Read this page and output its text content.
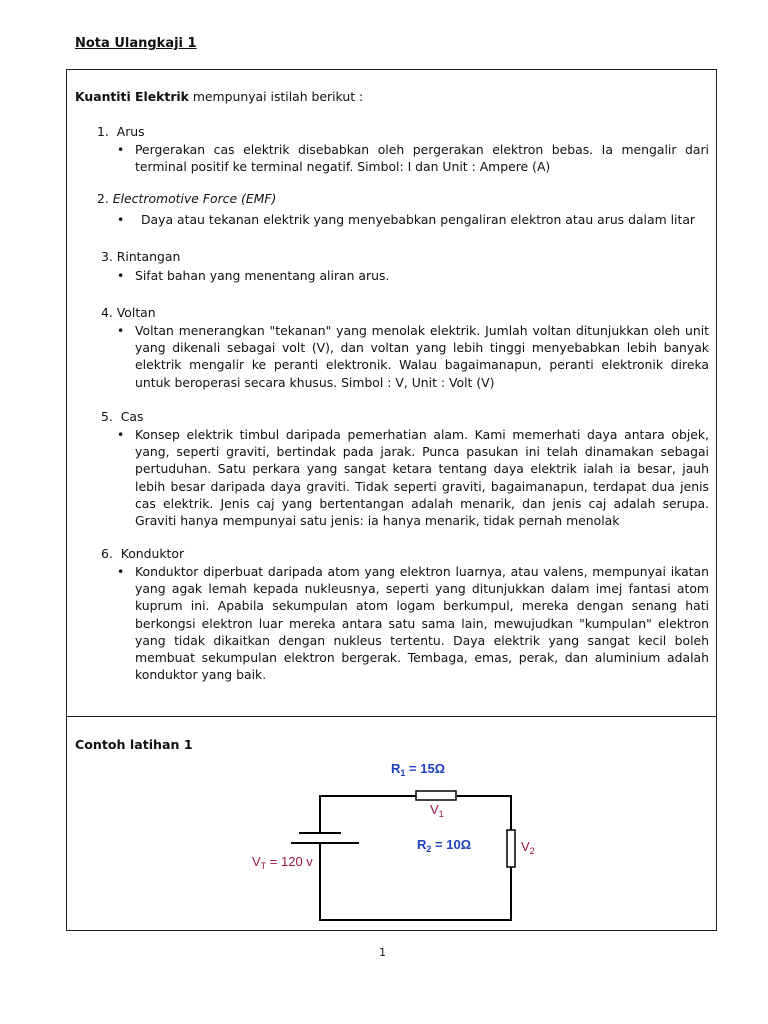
Nota Ulangkaji 1
Kuantiti Elektrik mempunyai istilah berikut :
1. Arus
• Pergerakan cas elektrik disebabkan oleh pergerakan elektron bebas. Ia mengalir dari terminal positif ke terminal negatif. Simbol: I dan Unit : Ampere (A)
2. Electromotive Force (EMF)
• Daya atau tekanan elektrik yang menyebabkan pengaliran elektron atau arus dalam litar
3. Rintangan
• Sifat bahan yang menentang aliran arus.
4. Voltan
• Voltan menerangkan "tekanan" yang menolak elektrik. Jumlah voltan ditunjukkan oleh unit yang dikenali sebagai volt (V), dan voltan yang lebih tinggi menyebabkan lebih banyak elektrik mengalir ke peranti elektronik. Walau bagaimanapun, peranti elektronik direka untuk beroperasi secara khusus. Simbol : V, Unit : Volt (V)
5. Cas
• Konsep elektrik timbul daripada pemerhatian alam. Kami memerhati daya antara objek, yang, seperti graviti, bertindak pada jarak. Punca pasukan ini telah dinamakan sebagai pertuduhan. Satu perkara yang sangat ketara tentang daya elektrik ialah ia besar, jauh lebih besar daripada daya graviti. Tidak seperti graviti, bagaimanapun, terdapat dua jenis cas elektrik. Jenis caj yang bertentangan adalah menarik, dan jenis caj adalah serupa. Graviti hanya mempunyai satu jenis: ia hanya menarik, tidak pernah menolak
6. Konduktor
• Konduktor diperbuat daripada atom yang elektron luarnya, atau valens, mempunyai ikatan yang agak lemah kepada nukleusnya, seperti yang ditunjukkan dalam imej fantasi atom kuprum ini. Apabila sekumpulan atom logam berkumpul, mereka dengan senang hati berkongsi elektron luar mereka antara satu sama lain, mewujudkan "kumpulan" elektron yang tidak dikaitkan dengan nukleus tertentu. Daya elektrik yang sangat kecil boleh membuat sekumpulan elektron bergerak. Tembaga, emas, perak, dan aluminium adalah konduktor yang baik.
Contoh latihan 1
$R_1 = 15\Omega$
$V_1$
$R_2 = 10\Omega$	$V_2$
$V_T = 120$ v
1
